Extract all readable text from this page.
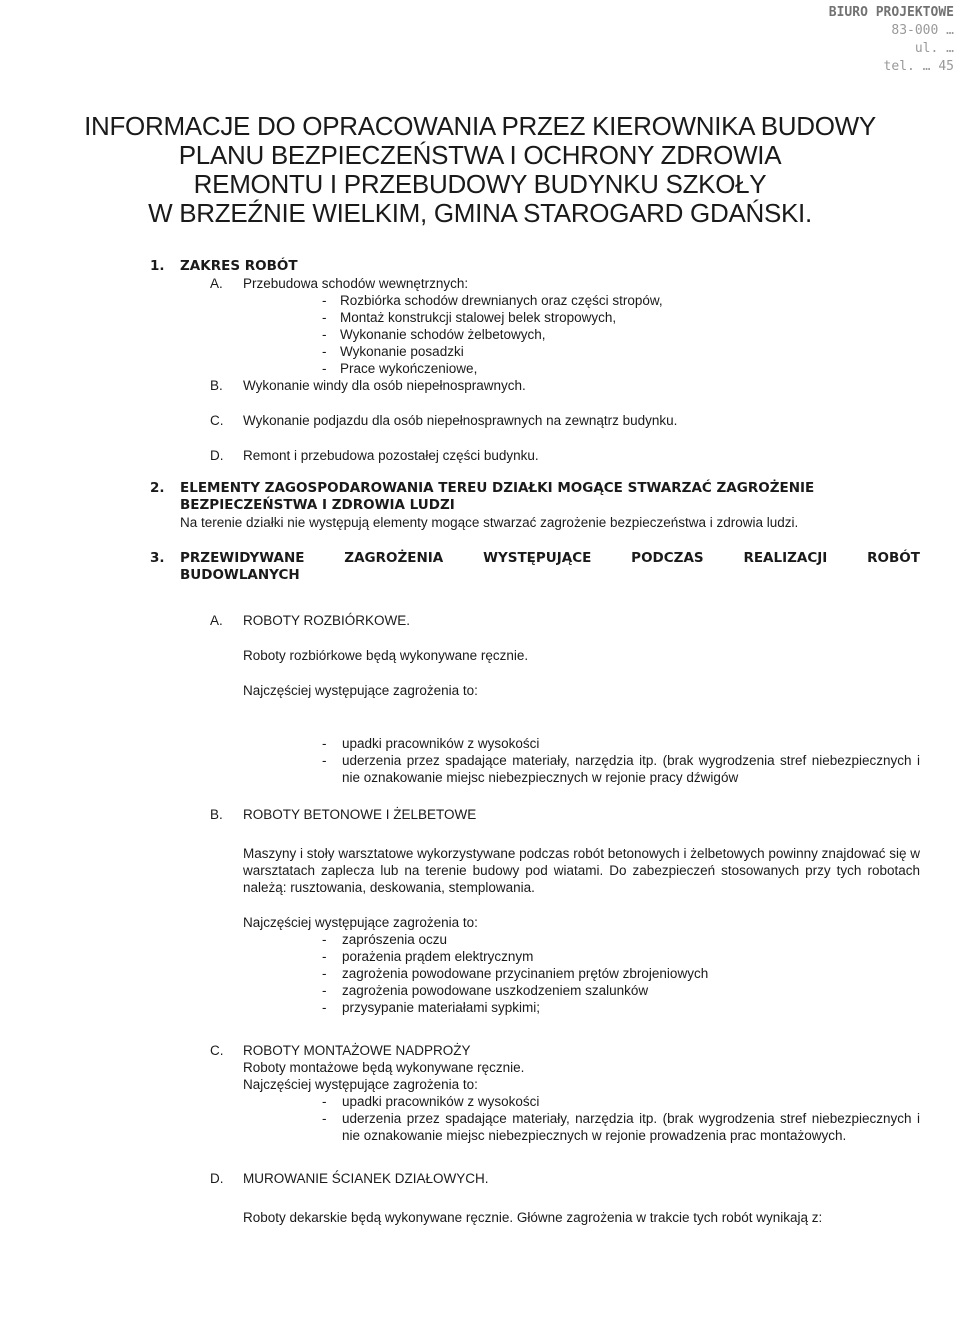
BIURO PROJEKTOWE
83-000 …
ul. …
tel. … 45
INFORMACJE DO OPRACOWANIA PRZEZ KIEROWNIKA BUDOWY
PLANU BEZPIECZEŃSTWA I OCHRONY ZDROWIA
REMONTU I PRZEBUDOWY BUDYNKU SZKOŁY
W BRZEŹNIE WIELKIM, GMINA STAROGARD GDAŃSKI.
1. ZAKRES ROBÓT
A. Przebudowa schodów wewnętrznych:
- Rozbiórka schodów drewnianych oraz części stropów,
- Montaż konstrukcji stalowej belek stropowych,
- Wykonanie schodów żelbetowych,
- Wykonanie posadzki
- Prace wykończeniowe,
B. Wykonanie windy dla osób niepełnosprawnych.
C. Wykonanie podjazdu dla osób niepełnosprawnych na zewnątrz budynku.
D. Remont i przebudowa pozostałej części budynku.
2. ELEMENTY ZAGOSPODAROWANIA TEREU DZIAŁKI MOGĄCE STWARZAĆ ZAGROŻENIE
BEZPIECZEŃSTWA I ZDROWIA LUDZI
Na terenie działki nie występują elementy mogące stwarzać zagrożenie bezpieczeństwa i zdrowia ludzi.
3. PRZEWIDYWANE	ZAGROŻENIA	WYSTĘPUJĄCE	PODCZAS	REALIZACJI	ROBÓT
BUDOWLANYCH
A. ROBOTY ROZBIÓRKOWE.
Roboty rozbiórkowe będą wykonywane ręcznie.
Najczęściej występujące zagrożenia to:
- upadki pracowników z wysokości
- uderzenia przez spadające materiały, narzędzia itp. (brak wygrodzenia stref niebezpiecznych i nie oznakowanie miejsc niebezpiecznych w rejonie pracy dźwigów
B. ROBOTY BETONOWE I ŻELBETOWE
Maszyny i stoły warsztatowe wykorzystywane podczas robót betonowych i żelbetowych powinny znajdować się w warsztatach zaplecza lub na terenie budowy pod wiatami. Do zabezpieczeń stosowanych przy tych robotach należą: rusztowania, deskowania, stemplowania.
Najczęściej występujące zagrożenia to:
- zaprószenia oczu
- porażenia prądem elektrycznym
- zagrożenia powodowane przycinaniem prętów zbrojeniowych
- zagrożenia powodowane uszkodzeniem szalunków
- przysypanie materiałami sypkimi;
C. ROBOTY MONTAŻOWE NADPROŻY
Roboty montażowe będą wykonywane ręcznie.
Najczęściej występujące zagrożenia to:
- upadki pracowników z wysokości
- uderzenia przez spadające materiały, narzędzia itp. (brak wygrodzenia stref niebezpiecznych i nie oznakowanie miejsc niebezpiecznych w rejonie prowadzenia prac montażowych.
D. MUROWANIE ŚCIANEK DZIAŁOWYCH.
Roboty dekarskie będą wykonywane ręcznie. Główne zagrożenia w trakcie tych robót wynikają z:
